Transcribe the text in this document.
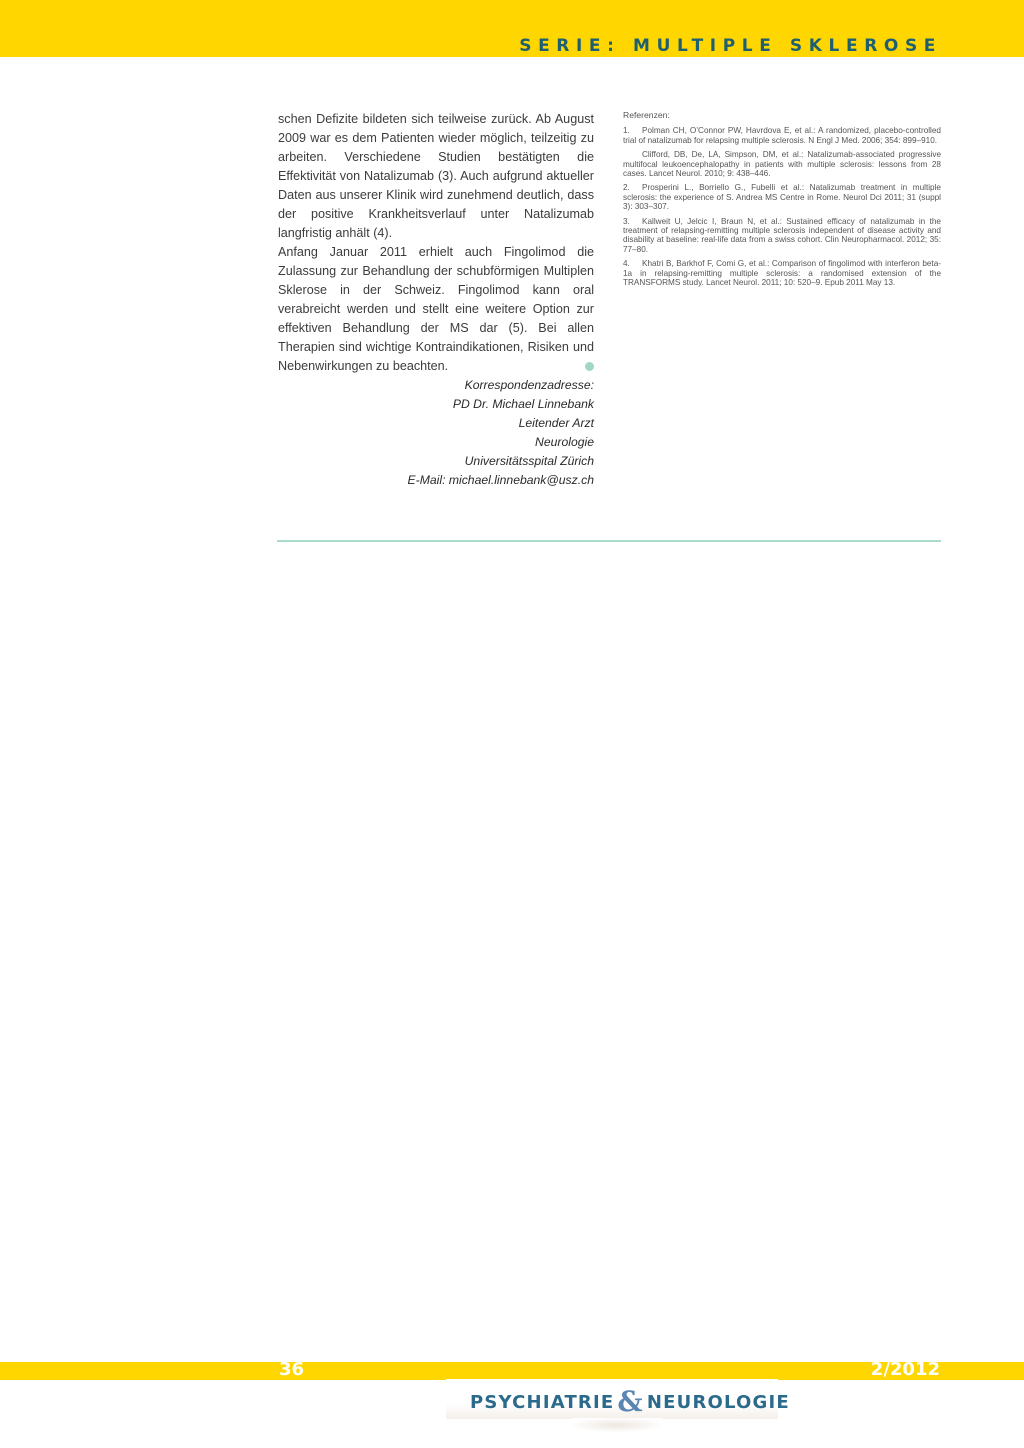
SERIE: MULTIPLE SKLEROSE

schen Defizite bildeten sich teilweise zurück. Ab August 2009 war es dem Patienten wieder möglich, teilzeitig zu arbeiten. Verschiedene Studien bestätigten die Effektivität von Natalizumab (3). Auch aufgrund aktueller Daten aus unserer Klinik wird zunehmend deutlich, dass der positive Krankheitsverlauf unter Natalizumab langfristig anhält (4).

Anfang Januar 2011 erhielt auch Fingolimod die Zulassung zur Behandlung der schubförmigen Multiplen Sklerose in der Schweiz. Fingolimod kann oral verabreicht werden und stellt eine weitere Option zur effektiven Behandlung der MS dar (5). Bei allen Therapien sind wichtige Kontraindikationen, Risiken und Nebenwirkungen zu beachten.

Korrespondenzadresse:
PD Dr. Michael Linnebank
Leitender Arzt
Neurologie
Universitätsspital Zürich
E-Mail: michael.linnebank@usz.ch
Referenzen:
1. Polman CH, O’Connor PW, Havrdova E, et al.: A randomized, placebo-controlled trial of natalizumab for relapsing multiple sclerosis. N Engl J Med. 2006; 354: 899–910.
Clifford, DB, De, LA, Simpson, DM, et al.: Natalizumab-associated progressive multifocal leukoencephalopathy in patients with multiple sclerosis: lessons from 28 cases. Lancet Neurol. 2010; 9: 438–446.
2. Prosperini L., Borriello G., Fubelli et al.: Natalizumab treatment in multiple sclerosis: the experience of S. Andrea MS Centre in Rome. Neurol Dci 2011; 31 (suppl 3): 303–307.
3. Kallweit U, Jelcic I, Braun N, et al.: Sustained efficacy of natalizumab in the treatment of relapsing-remitting multiple sclerosis independent of disease activity and disability at baseline: real-life data from a swiss cohort. Clin Neuropharmacol. 2012; 35: 77–80.
4. Khatri B, Barkhof F, Comi G, et al.: Comparison of fingolimod with interferon beta-1a in relapsing-remitting multiple sclerosis: a randomised extension of the TRANSFORMS study. Lancet Neurol. 2011; 10: 520–9. Epub 2011 May 13.
36	2/2012
PSYCHIATRIE & NEUROLOGIE
